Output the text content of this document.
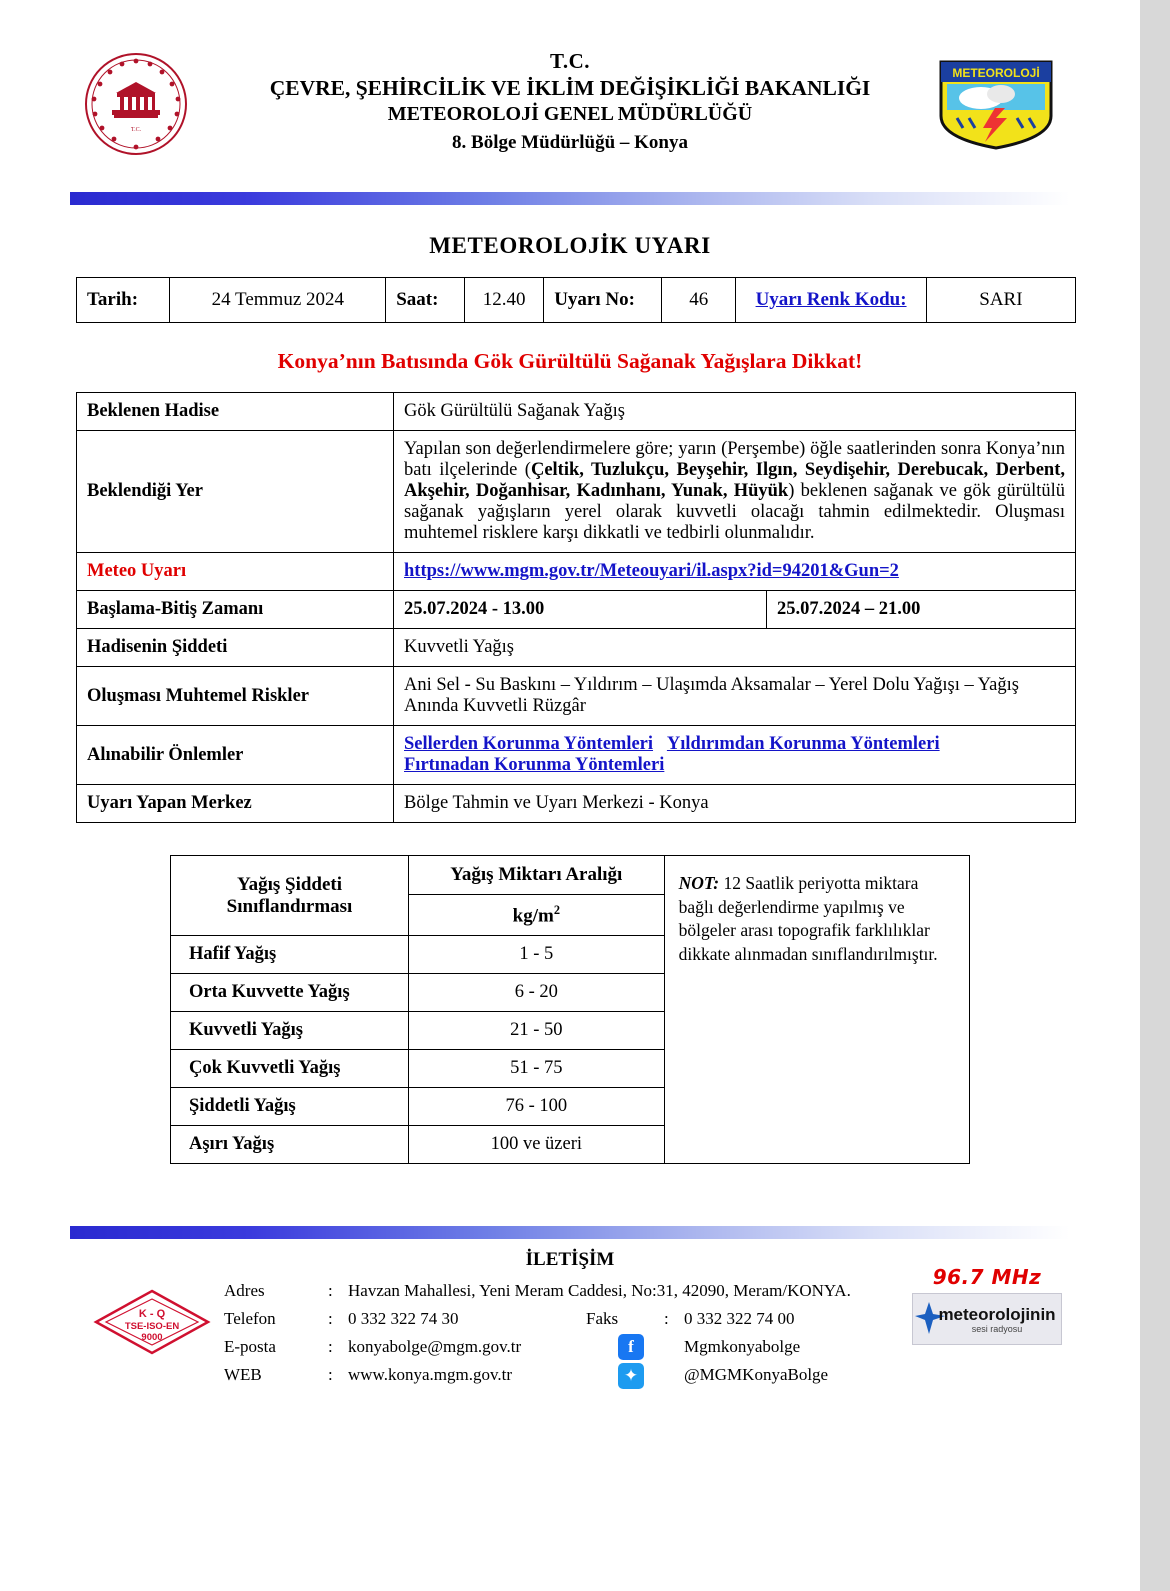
T.C.
T.C.
ÇEVRE, ŞEHİRCİLİK VE İKLİM DEĞİŞİKLİĞİ BAKANLIĞI
METEOROLOJİ GENEL MÜDÜRLÜĞÜ
8. Bölge Müdürlüğü – Konya
METEOROLOJİ
METEOROLOJİK UYARI
Tarih:	24 Temmuz 2024	Saat:	12.40	Uyarı No:	46	Uyarı Renk Kodu:	SARI
Konya’nın Batısında Gök Gürültülü Sağanak Yağışlara Dikkat!
Beklenen Hadise	Gök Gürültülü Sağanak Yağış	
Beklendiği Yer	Yapılan son değerlendirmelere göre; yarın (Perşembe) öğle saatlerinden sonra Konya’nın batı ilçelerinde (Çeltik, Tuzlukçu, Beyşehir, Ilgın, Seydişehir, Derebucak, Derbent, Akşehir, Doğanhisar, Kadınhanı, Yunak, Hüyük) beklenen sağanak ve gök gürültülü sağanak yağışların yerel olarak kuvvetli olacağı tahmin edilmektedir. Oluşması muhtemel risklere karşı dikkatli ve tedbirli olunmalıdır.	
Meteo Uyarı	https://www.mgm.gov.tr/Meteouyari/il.aspx?id=94201&Gun=2	
Başlama-Bitiş Zamanı	25.07.2024 - 13.00	25.07.2024 – 21.00
Hadisenin Şiddeti	Kuvvetli Yağış	
Oluşması Muhtemel Riskler	Ani Sel - Su Baskını – Yıldırım – Ulaşımda Aksamalar – Yerel Dolu Yağışı – Yağış Anında Kuvvetli Rüzgâr	
Alınabilir Önlemler	Sellerden Korunma Yöntemleri Yıldırımdan Korunma Yöntemleri
Fırtınadan Korunma Yöntemleri	
Uyarı Yapan Merkez	Bölge Tahmin ve Uyarı Merkezi - Konya	
Yağış Şiddeti Sınıflandırması	Yağış Miktarı Aralığı	NOT: 12 Saatlik periyotta miktara bağlı değerlendirme yapılmış ve bölgeler arası topografik farklılıklar dikkate alınmadan sınıflandırılmıştır.
	$kg/m^2$
Hafif Yağış	1 - 5	
Orta Kuvvette Yağış	6 - 20	
Kuvvetli Yağış	21 - 50	
Çok Kuvvetli Yağış	51 - 75	
Şiddetli Yağış	76 - 100	
Aşırı Yağış	100 ve üzeri	
İLETİŞİM
K - Q
TSE-ISO-EN
9000
Adres	:	Havzan Mahallesi, Yeni Meram Caddesi, No:31, 42090, Meram/KONYA.			
Telefon	:	0 332 322 74 30	Faks	:	0 332 322 74 00
E-posta	:	konyabolge@mgm.gov.tr	f		Mgmkonyabolge
WEB	:	www.konya.mgm.gov.tr	✦		@MGMKonyaBolge
96.7 MHz
meteorolojinin
sesi radyosu
